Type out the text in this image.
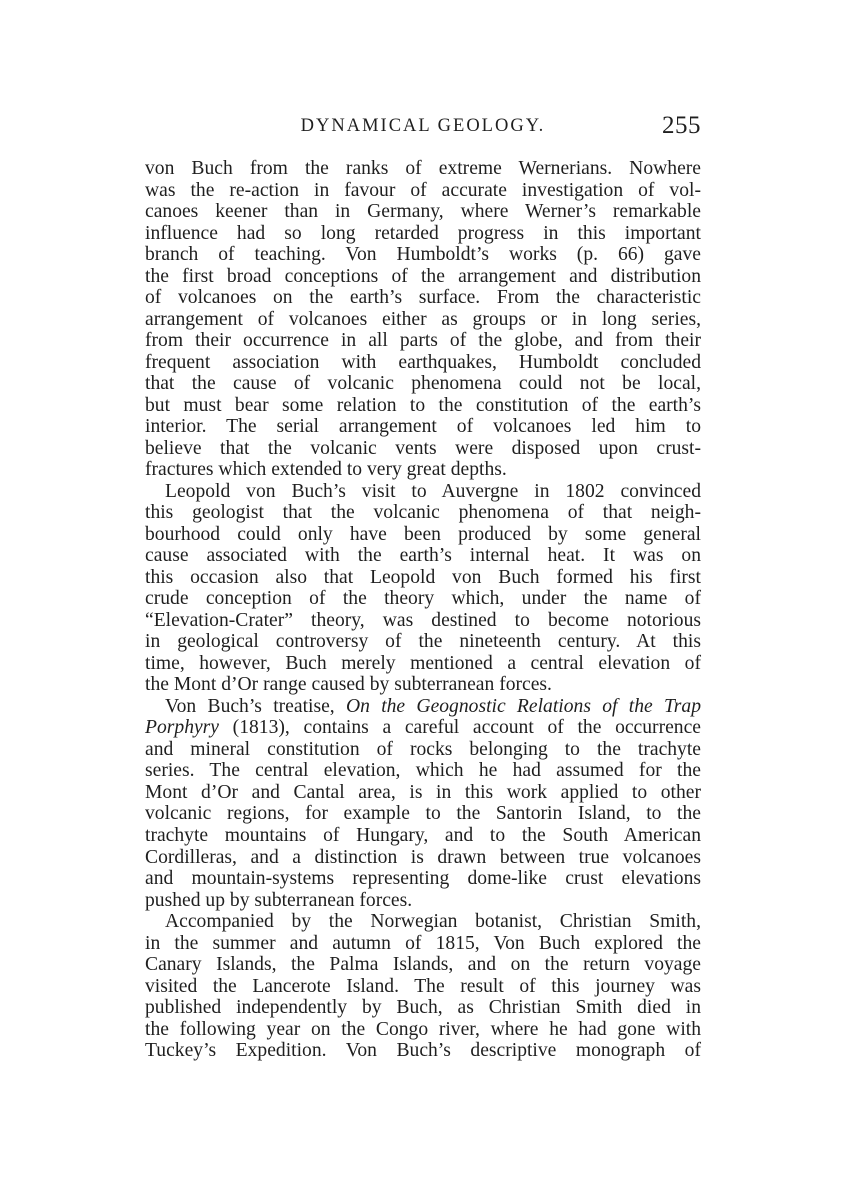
DYNAMICAL GEOLOGY.	255
von Buch from the ranks of extreme Wernerians. Nowhere
was the re-action in favour of accurate investigation of vol-
canoes keener than in Germany, where Werner’s remarkable
influence had so long retarded progress in this important
branch of teaching. Von Humboldt’s works (p. 66) gave
the first broad conceptions of the arrangement and distribution
of volcanoes on the earth’s surface. From the characteristic
arrangement of volcanoes either as groups or in long series,
from their occurrence in all parts of the globe, and from their
frequent association with earthquakes, Humboldt concluded
that the cause of volcanic phenomena could not be local,
but must bear some relation to the constitution of the earth’s
interior. The serial arrangement of volcanoes led him to
believe that the volcanic vents were disposed upon crust-
fractures which extended to very great depths.
Leopold von Buch’s visit to Auvergne in 1802 convinced
this geologist that the volcanic phenomena of that neigh-
bourhood could only have been produced by some general
cause associated with the earth’s internal heat. It was on
this occasion also that Leopold von Buch formed his first
crude conception of the theory which, under the name of
“Elevation-Crater” theory, was destined to become notorious
in geological controversy of the nineteenth century. At this
time, however, Buch merely mentioned a central elevation of
the Mont d’Or range caused by subterranean forces.
Von Buch’s treatise, On the Geognostic Relations of the Trap
Porphyry (1813), contains a careful account of the occurrence
and mineral constitution of rocks belonging to the trachyte
series. The central elevation, which he had assumed for the
Mont d’Or and Cantal area, is in this work applied to other
volcanic regions, for example to the Santorin Island, to the
trachyte mountains of Hungary, and to the South American
Cordilleras, and a distinction is drawn between true volcanoes
and mountain-systems representing dome-like crust elevations
pushed up by subterranean forces.
Accompanied by the Norwegian botanist, Christian Smith,
in the summer and autumn of 1815, Von Buch explored the
Canary Islands, the Palma Islands, and on the return voyage
visited the Lancerote Island. The result of this journey was
published independently by Buch, as Christian Smith died in
the following year on the Congo river, where he had gone with
Tuckey’s Expedition. Von Buch’s descriptive monograph of
